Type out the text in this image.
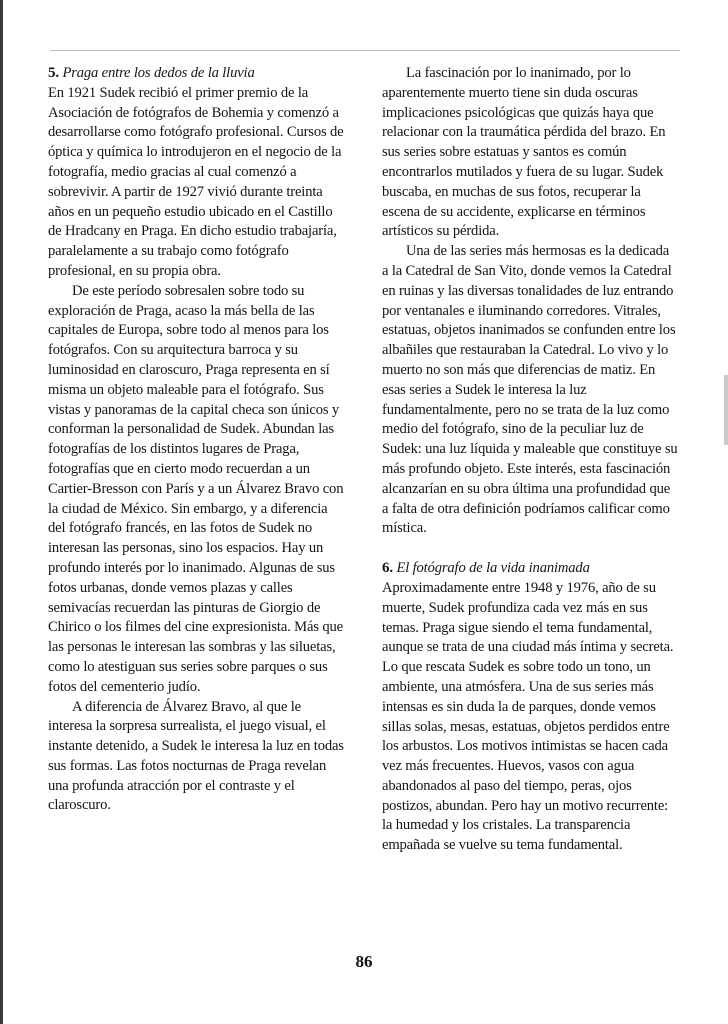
5. Praga entre los dedos de la lluvia

En 1921 Sudek recibió el primer premio de la Asociación de fotógrafos de Bohemia y comenzó a desarrollarse como fotógrafo profesional. Cursos de óptica y química lo introdujeron en el negocio de la fotografía, medio gracias al cual comenzó a sobrevivir. A partir de 1927 vivió durante treinta años en un pequeño estudio ubicado en el Castillo de Hradcany en Praga. En dicho estudio trabajaría, paralelamente a su trabajo como fotógrafo profesional, en su propia obra.

De este período sobresalen sobre todo su exploración de Praga, acaso la más bella de las capitales de Europa, sobre todo al menos para los fotógrafos. Con su arquitectura barroca y su luminosidad en claroscuro, Praga representa en sí misma un objeto maleable para el fotógrafo. Sus vistas y panoramas de la capital checa son únicos y conforman la personalidad de Sudek. Abundan las fotografías de los distintos lugares de Praga, fotografías que en cierto modo recuerdan a un Cartier-Bresson con París y a un Álvarez Bravo con la ciudad de México. Sin embargo, y a diferencia del fotógrafo francés, en las fotos de Sudek no interesan las personas, sino los espacios. Hay un profundo interés por lo inanimado. Algunas de sus fotos urbanas, donde vemos plazas y calles semivacías recuerdan las pinturas de Giorgio de Chirico o los filmes del cine expresionista. Más que las personas le interesan las sombras y las siluetas, como lo atestiguan sus series sobre parques o sus fotos del cementerio judío.

A diferencia de Álvarez Bravo, al que le interesa la sorpresa surrealista, el juego visual, el instante detenido, a Sudek le interesa la luz en todas sus formas. Las fotos nocturnas de Praga revelan una profunda atracción por el contraste y el claroscuro.

La fascinación por lo inanimado, por lo aparentemente muerto tiene sin duda oscuras implicaciones psicológicas que quizás haya que relacionar con la traumática pérdida del brazo. En sus series sobre estatuas y santos es común encontrarlos mutilados y fuera de su lugar. Sudek buscaba, en muchas de sus fotos, recuperar la escena de su accidente, explicarse en términos artísticos su pérdida.

Una de las series más hermosas es la dedicada a la Catedral de San Vito, donde vemos la Catedral en ruinas y las diversas tonalidades de luz entrando por ventanales e iluminando corredores. Vitrales, estatuas, objetos inanimados se confunden entre los albañiles que restauraban la Catedral. Lo vivo y lo muerto no son más que diferencias de matiz. En esas series a Sudek le interesa la luz fundamentalmente, pero no se trata de la luz como medio del fotógrafo, sino de la peculiar luz de Sudek: una luz líquida y maleable que constituye su más profundo objeto. Este interés, esta fascinación alcanzarían en su obra última una profundidad que a falta de otra definición podríamos calificar como mística.

6. El fotógrafo de la vida inanimada

Aproximadamente entre 1948 y 1976, año de su muerte, Sudek profundiza cada vez más en sus temas. Praga sigue siendo el tema fundamental, aunque se trata de una ciudad más íntima y secreta. Lo que rescata Sudek es sobre todo un tono, un ambiente, una atmósfera. Una de sus series más intensas es sin duda la de parques, donde vemos sillas solas, mesas, estatuas, objetos perdidos entre los arbustos. Los motivos intimistas se hacen cada vez más frecuentes. Huevos, vasos con agua abandonados al paso del tiempo, peras, ojos postizos, abundan. Pero hay un motivo recurrente: la humedad y los cristales. La transparencia empañada se vuelve su tema fundamental.

86
